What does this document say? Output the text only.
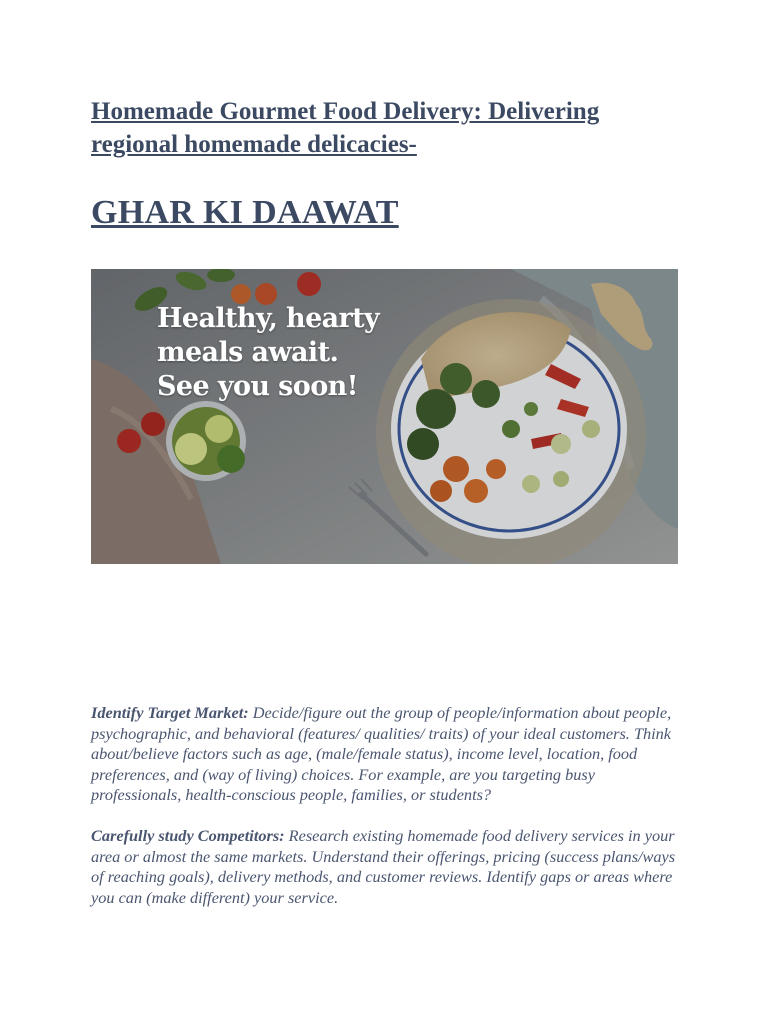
Homemade Gourmet Food Delivery: Delivering regional homemade delicacies-
GHAR KI DAAWAT
Healthy, hearty
meals await.
See you soon!

Identify Target Market: Decide/figure out the group of people/information about people, psychographic, and behavioral (features/ qualities/ traits) of your ideal customers. Think about/believe factors such as age, (male/female status), income level, location, food preferences, and (way of living) choices. For example, are you targeting busy professionals, health-conscious people, families, or students?

Carefully study Competitors: Research existing homemade food delivery services in your area or almost the same markets. Understand their offerings, pricing (success plans/ways of reaching goals), delivery methods, and customer reviews. Identify gaps or areas where you can (make different) your service.
